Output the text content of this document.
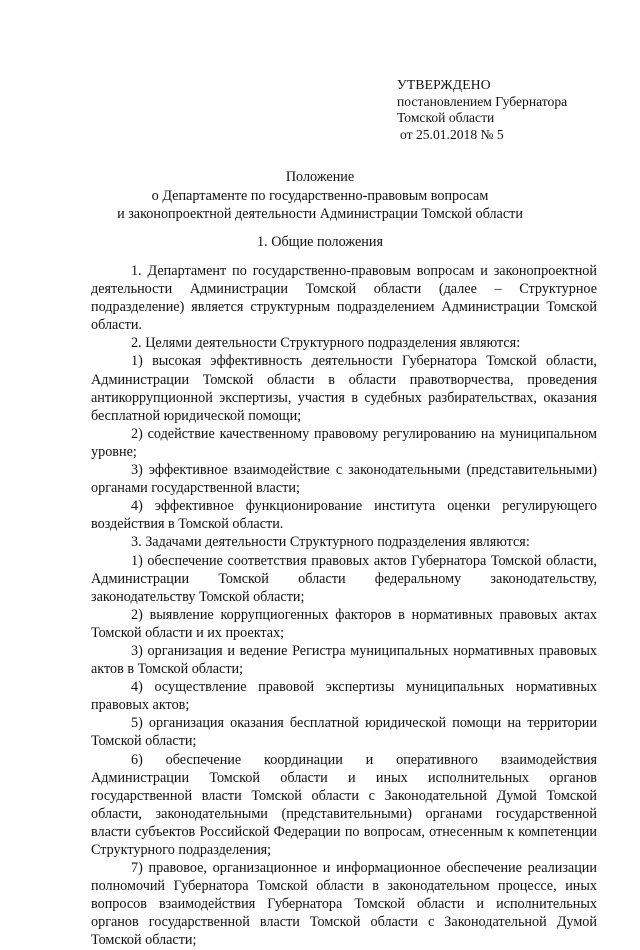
УТВЕРЖДЕНО
постановлением Губернатора
Томской области
от 25.01.2018 № 5
Положение
о Департаменте по государственно-правовым вопросам
и законопроектной деятельности Администрации Томской области
1. Общие положения

1. Департамент по государственно-правовым вопросам и законопроектной деятельности Администрации Томской области (далее – Структурное подразделение) является структурным подразделением Администрации Томской области.

2. Целями деятельности Структурного подразделения являются:

1) высокая эффективность деятельности Губернатора Томской области, Администрации Томской области в области правотворчества, проведения антикоррупционной экспертизы, участия в судебных разбирательствах, оказания бесплатной юридической помощи;

2) содействие качественному правовому регулированию на муниципальном уровне;

3) эффективное взаимодействие с законодательными (представительными) органами государственной власти;

4) эффективное функционирование института оценки регулирующего воздействия в Томской области.

3. Задачами деятельности Структурного подразделения являются:

1) обеспечение соответствия правовых актов Губернатора Томской области, Администрации Томской области федеральному законодательству, законодательству Томской области;

2) выявление коррупциогенных факторов в нормативных правовых актах Томской области и их проектах;

3) организация и ведение Регистра муниципальных нормативных правовых актов в Томской области;

4) осуществление правовой экспертизы муниципальных нормативных правовых актов;

5) организация оказания бесплатной юридической помощи на территории Томской области;

6) обеспечение координации и оперативного взаимодействия Администрации Томской области и иных исполнительных органов государственной власти Томской области с Законодательной Думой Томской области, законодательными (представительными) органами государственной власти субъектов Российской Федерации по вопросам, отнесенным к компетенции Структурного подразделения;

7) правовое, организационное и информационное обеспечение реализации полномочий Губернатора Томской области в законодательном процессе, иных вопросов взаимодействия Губернатора Томской области и исполнительных органов государственной власти Томской области с Законодательной Думой Томской области;
